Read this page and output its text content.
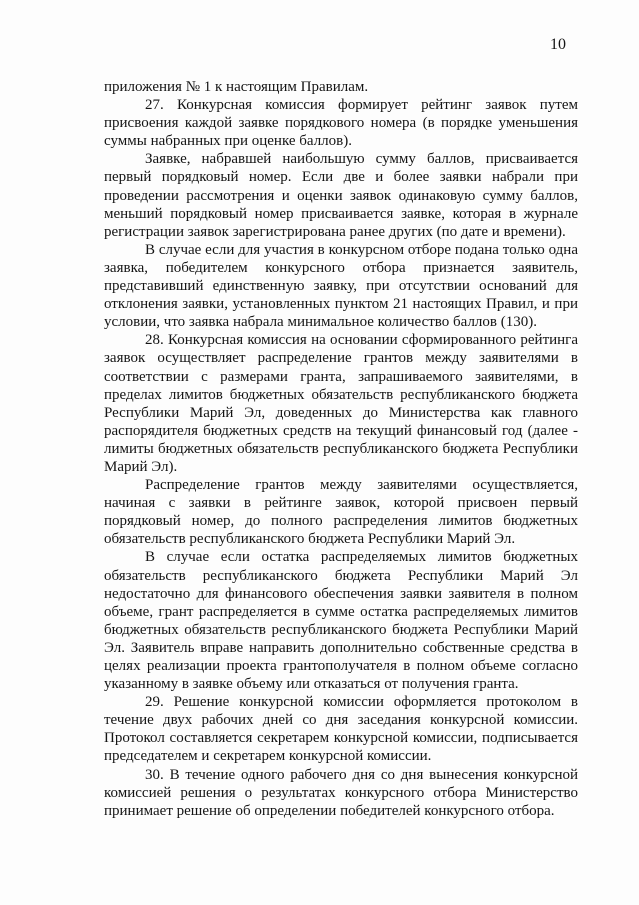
10

приложения № 1 к настоящим Правилам.

27. Конкурсная комиссия формирует рейтинг заявок путем присвоения каждой заявке порядкового номера (в порядке уменьшения суммы набранных при оценке баллов).

Заявке, набравшей наибольшую сумму баллов, присваивается первый порядковый номер. Если две и более заявки набрали при проведении рассмотрения и оценки заявок одинаковую сумму баллов, меньший порядковый номер присваивается заявке, которая в журнале регистрации заявок зарегистрирована ранее других (по дате и времени).

В случае если для участия в конкурсном отборе подана только одна заявка, победителем конкурсного отбора признается заявитель, представивший единственную заявку, при отсутствии оснований для отклонения заявки, установленных пунктом 21 настоящих Правил, и при условии, что заявка набрала минимальное количество баллов (130).

28. Конкурсная комиссия на основании сформированного рейтинга заявок осуществляет распределение грантов между заявителями в соответствии с размерами гранта, запрашиваемого заявителями, в пределах лимитов бюджетных обязательств республиканского бюджета Республики Марий Эл, доведенных до Министерства как главного распорядителя бюджетных средств на текущий финансовый год (далее - лимиты бюджетных обязательств республиканского бюджета Республики Марий Эл).

Распределение грантов между заявителями осуществляется, начиная с заявки в рейтинге заявок, которой присвоен первый порядковый номер, до полного распределения лимитов бюджетных обязательств республиканского бюджета Республики Марий Эл.

В случае если остатка распределяемых лимитов бюджетных обязательств республиканского бюджета Республики Марий Эл недостаточно для финансового обеспечения заявки заявителя в полном объеме, грант распределяется в сумме остатка распределяемых лимитов бюджетных обязательств республиканского бюджета Республики Марий Эл. Заявитель вправе направить дополнительно собственные средства в целях реализации проекта грантополучателя в полном объеме согласно указанному в заявке объему или отказаться от получения гранта.

29. Решение конкурсной комиссии оформляется протоколом в течение двух рабочих дней со дня заседания конкурсной комиссии. Протокол составляется секретарем конкурсной комиссии, подписывается председателем и секретарем конкурсной комиссии.

30. В течение одного рабочего дня со дня вынесения конкурсной комиссией решения о результатах конкурсного отбора Министерство принимает решение об определении победителей конкурсного отбора.
